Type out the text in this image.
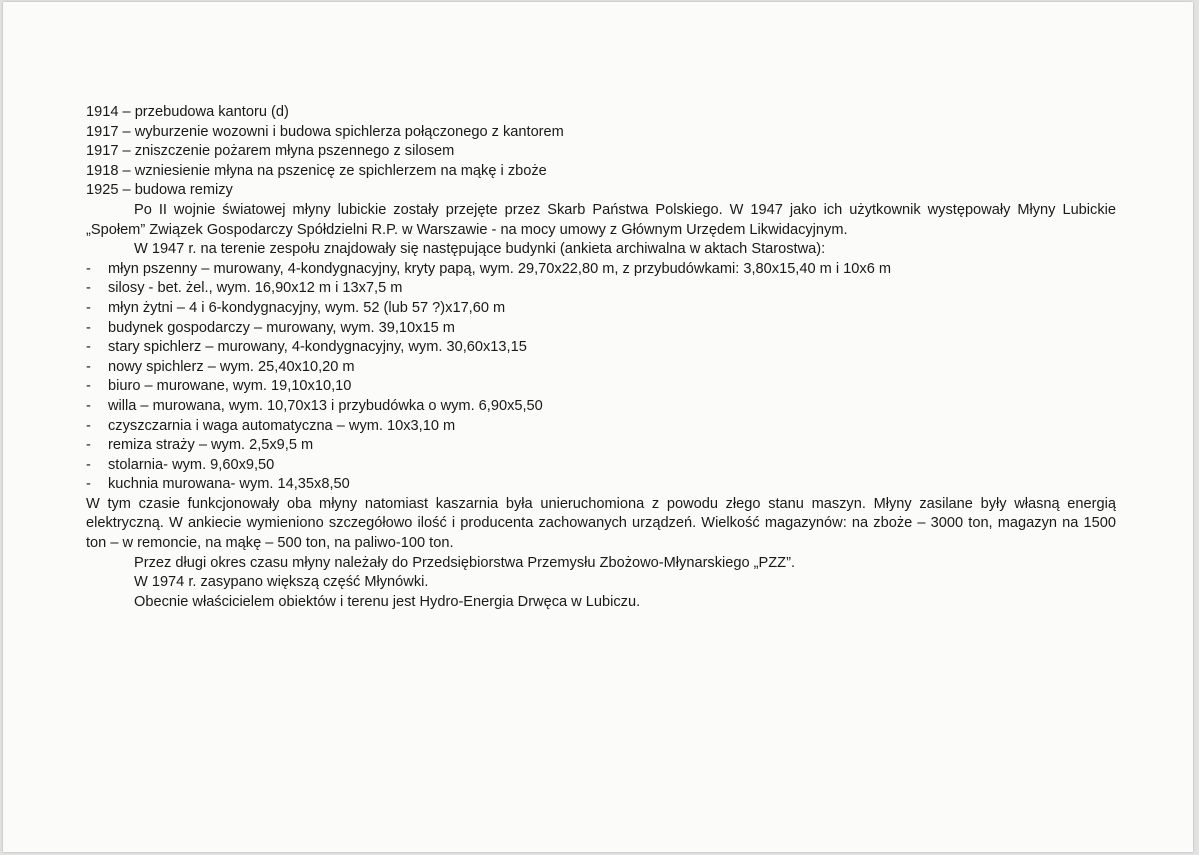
1914 – przebudowa kantoru (d)

1917 – wyburzenie wozowni i budowa spichlerza połączonego z kantorem

1917 – zniszczenie pożarem młyna pszennego z silosem

1918 – wzniesienie młyna na pszenicę ze spichlerzem na mąkę i zboże

1925 – budowa remizy

Po II wojnie światowej młyny lubickie zostały przejęte przez Skarb Państwa Polskiego. W 1947 jako ich użytkownik występowały Młyny Lubickie „Społem” Związek Gospodarczy Spółdzielni R.P. w Warszawie - na mocy umowy z Głównym Urzędem Likwidacyjnym.

W 1947 r. na terenie zespołu znajdowały się następujące budynki (ankieta archiwalna w aktach Starostwa):

- młyn pszenny – murowany, 4-kondygnacyjny, kryty papą, wym. 29,70x22,80 m, z przybudówkami: 3,80x15,40 m i 10x6 m
- silosy - bet. żel., wym. 16,90x12 m i 13x7,5 m
- młyn żytni – 4 i 6-kondygnacyjny, wym. 52 (lub 57 ?)x17,60 m
- budynek gospodarczy – murowany, wym. 39,10x15 m
- stary spichlerz – murowany, 4-kondygnacyjny, wym. 30,60x13,15
- nowy spichlerz – wym. 25,40x10,20 m
- biuro – murowane, wym. 19,10x10,10
- willa – murowana, wym. 10,70x13 i przybudówka o wym. 6,90x5,50
- czyszczarnia i waga automatyczna – wym. 10x3,10 m
- remiza straży – wym. 2,5x9,5 m
- stolarnia- wym. 9,60x9,50
- kuchnia murowana- wym. 14,35x8,50

W tym czasie funkcjonowały oba młyny natomiast kaszarnia była unieruchomiona z powodu złego stanu maszyn. Młyny zasilane były własną energią elektryczną. W ankiecie wymieniono szczegółowo ilość i producenta zachowanych urządzeń. Wielkość magazynów: na zboże – 3000 ton, magazyn na 1500 ton – w remoncie, na mąkę – 500 ton, na paliwo-100 ton.

Przez długi okres czasu młyny należały do Przedsiębiorstwa Przemysłu Zbożowo-Młynarskiego „PZZ”.

W 1974 r. zasypano większą część Młynówki.

Obecnie właścicielem obiektów i terenu jest Hydro-Energia Drwęca w Lubiczu.
